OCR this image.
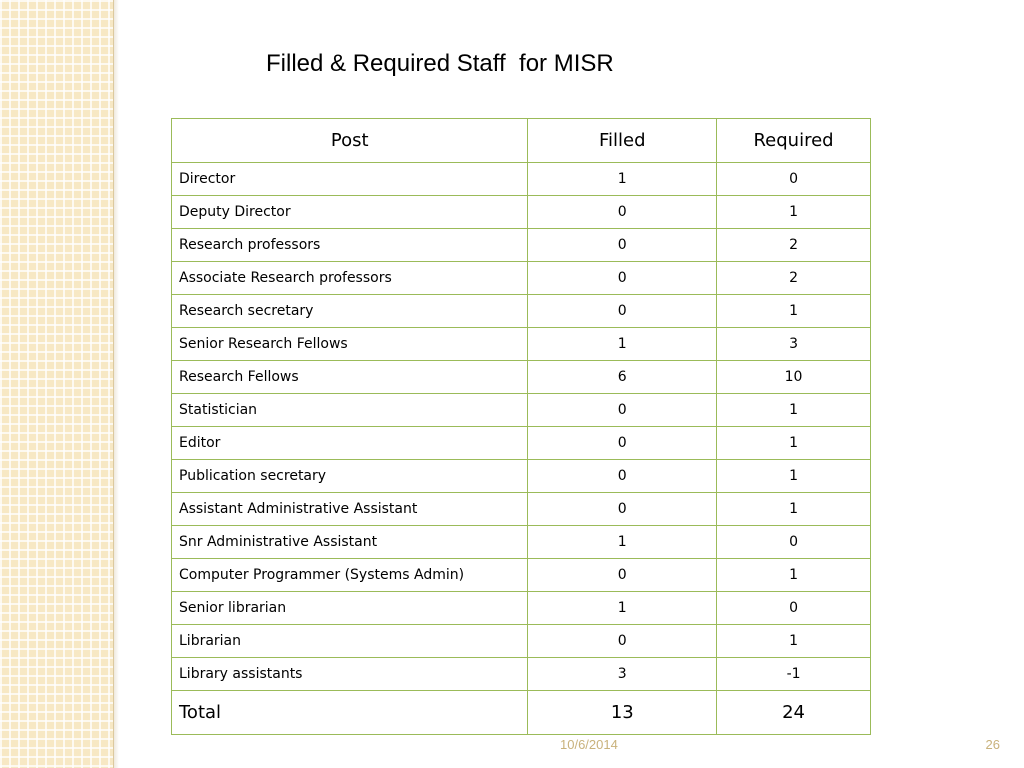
Filled & Required Staff  for MISR
Post	Filled	Required
Director	1	0
Deputy Director	0	1
Research professors	0	2
Associate Research professors	0	2
Research secretary	0	1
Senior Research Fellows	1	3
Research Fellows	6	10
Statistician	0	1
Editor	0	1
Publication secretary	0	1
Assistant Administrative Assistant	0	1
Snr Administrative Assistant	1	0
Computer Programmer (Systems Admin)	0	1
Senior librarian	1	0
Librarian	0	1
Library assistants	3	-1
Total	13	24
10/6/2014	26
